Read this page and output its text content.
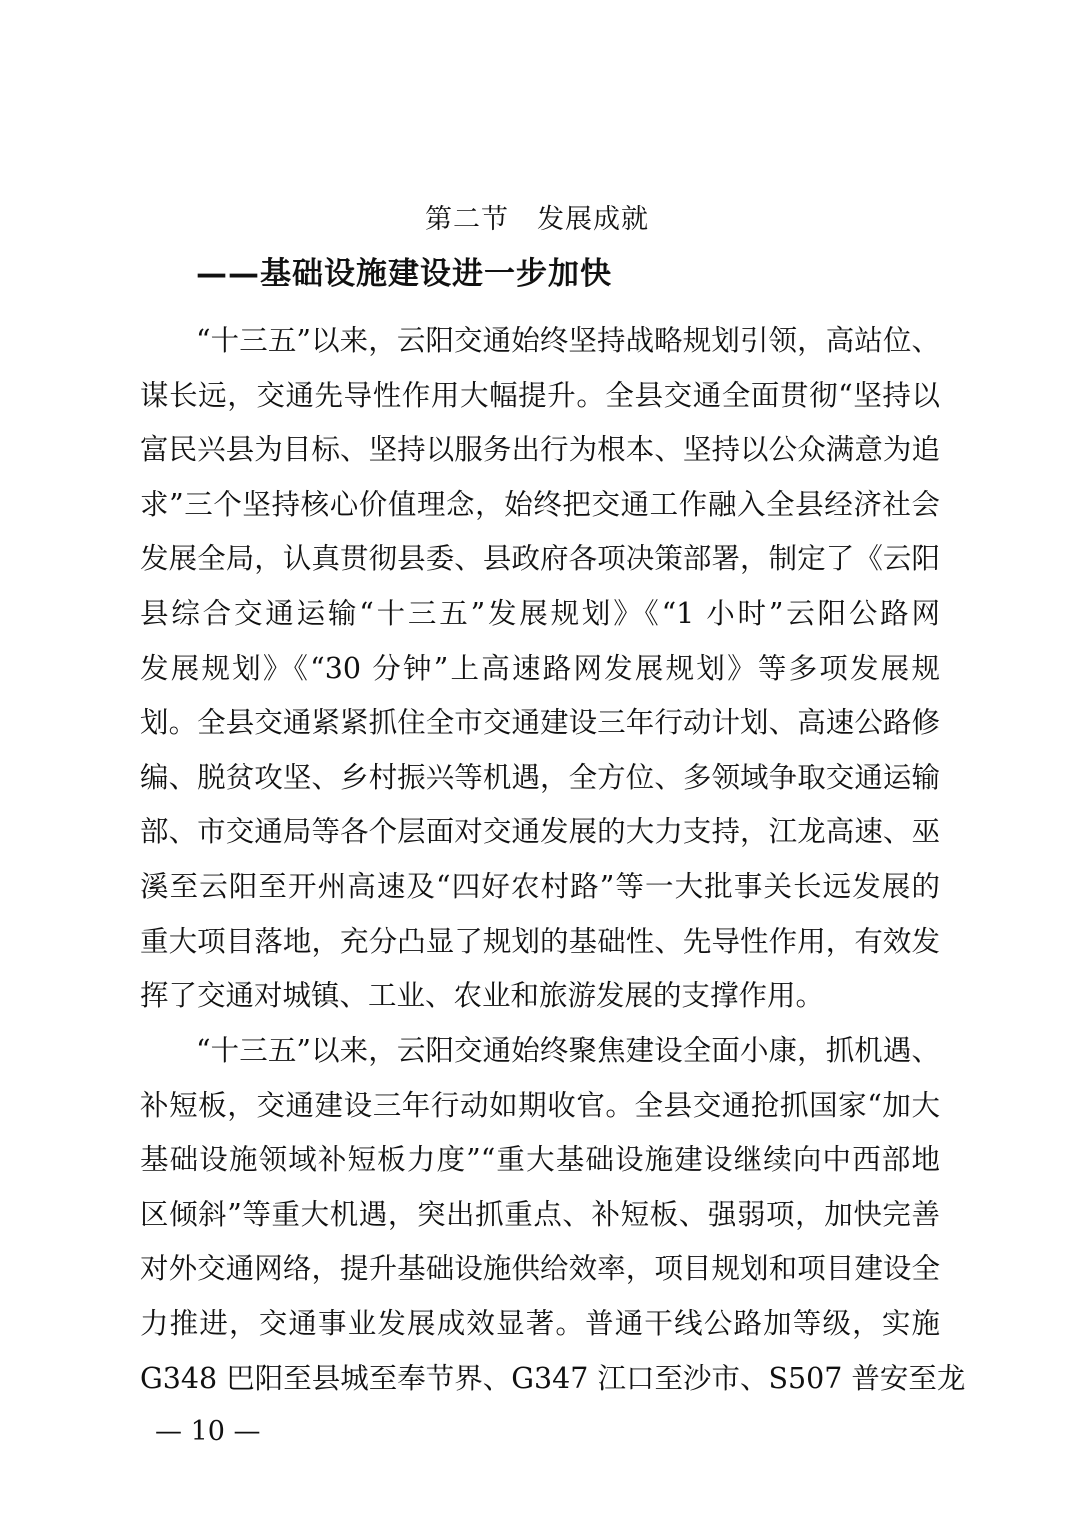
第二节　发展成就
——基础设施建设进一步加快
“十三五”以来，云阳交通始终坚持战略规划引领，高站位、
谋长远，交通先导性作用大幅提升。全县交通全面贯彻“坚持以
富民兴县为目标、坚持以服务出行为根本、坚持以公众满意为追
求”三个坚持核心价值理念，始终把交通工作融入全县经济社会
发展全局，认真贯彻县委、县政府各项决策部署，制定了《云阳
县综合交通运输“十三五”发展规划》《“1 小时”云阳公路网
发展规划》《“30 分钟”上高速路网发展规划》等多项发展规
划。全县交通紧紧抓住全市交通建设三年行动计划、高速公路修
编、脱贫攻坚、乡村振兴等机遇，全方位、多领域争取交通运输
部、市交通局等各个层面对交通发展的大力支持，江龙高速、巫
溪至云阳至开州高速及“四好农村路”等一大批事关长远发展的
重大项目落地，充分凸显了规划的基础性、先导性作用，有效发
挥了交通对城镇、工业、农业和旅游发展的支撑作用。
“十三五”以来，云阳交通始终聚焦建设全面小康，抓机遇、
补短板，交通建设三年行动如期收官。全县交通抢抓国家“加大
基础设施领域补短板力度”“重大基础设施建设继续向中西部地
区倾斜”等重大机遇，突出抓重点、补短板、强弱项，加快完善
对外交通网络，提升基础设施供给效率，项目规划和项目建设全
力推进，交通事业发展成效显著。普通干线公路加等级，实施
G348 巴阳至县城至奉节界、G347 江口至沙市、S507 普安至龙
— 10 —
